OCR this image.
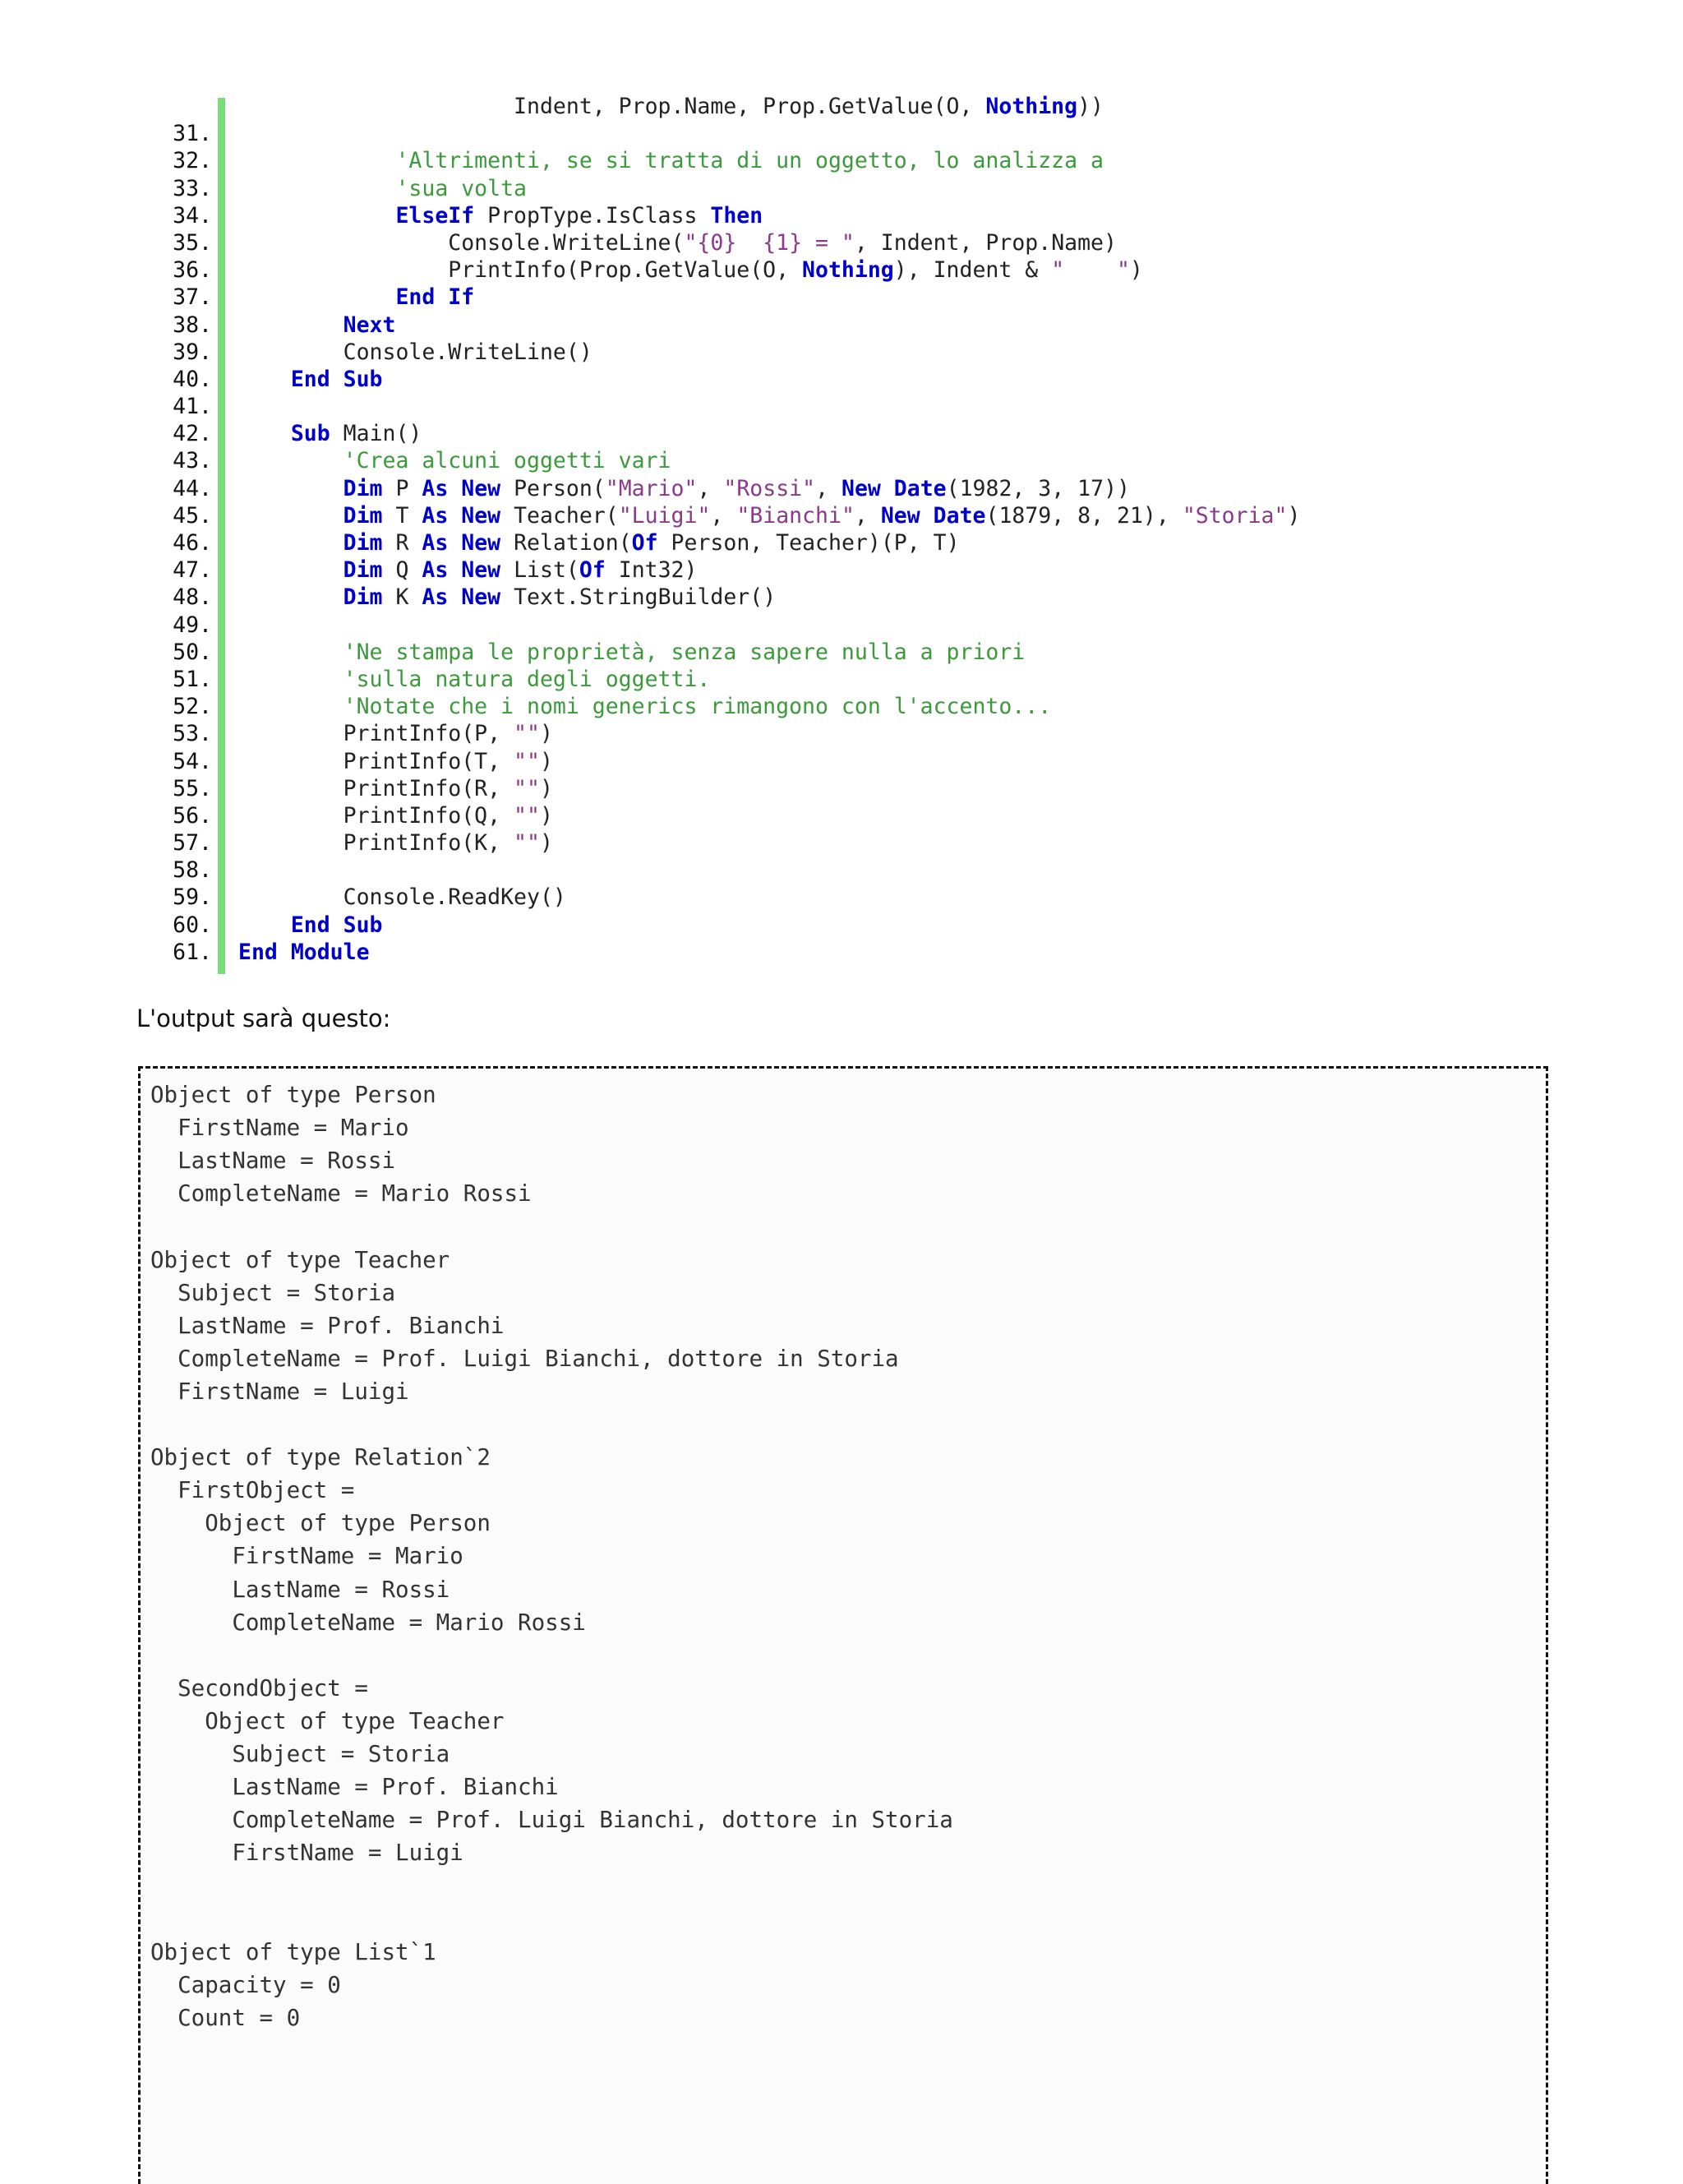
Indent, Prop.Name, Prop.GetValue(O, Nothing))
31.
32.	'Altrimenti, se si tratta di un oggetto, lo analizza a
33.	'sua volta
34.	ElseIf PropType.IsClass Then
35. Console.WriteLine("{0}  {1} = ", Indent, Prop.Name)
36. PrintInfo(Prop.GetValue(O, Nothing), Indent & "    ")
37.	End If
38.	Next
39. Console.WriteLine()
40.	End Sub
41.
42.	Sub Main()
43.	'Crea alcuni oggetti vari
44.	Dim P As New Person("Mario", "Rossi", New Date(1982, 3, 17))
45.	Dim T As New Teacher("Luigi", "Bianchi", New Date(1879, 8, 21), "Storia")
46.	Dim R As New Relation(Of Person, Teacher)(P, T)
47.	Dim Q As New List(Of Int32)
48.	Dim K As New Text.StringBuilder()
49.
50.	'Ne stampa le proprietà, senza sapere nulla a priori
51.	'sulla natura degli oggetti.
52.	'Notate che i nomi generics rimangono con l'accento...
53. PrintInfo(P, "")
54. PrintInfo(T, "")
55. PrintInfo(R, "")
56. PrintInfo(Q, "")
57. PrintInfo(K, "")
58.
59. Console.ReadKey()
60.	End Sub
61. End Module
L'output sarà questo:
Object of type Person
FirstName = Mario
LastName = Rossi
CompleteName = Mario Rossi
Object of type Teacher
Subject = Storia
LastName = Prof. Bianchi
CompleteName = Prof. Luigi Bianchi, dottore in Storia
FirstName = Luigi
Object of type Relation`2
FirstObject =
Object of type Person
FirstName = Mario
LastName = Rossi
CompleteName = Mario Rossi
SecondObject =
Object of type Teacher
Subject = Storia
LastName = Prof. Bianchi
CompleteName = Prof. Luigi Bianchi, dottore in Storia
FirstName = Luigi
Object of type List`1
Capacity = 0
Count = 0
